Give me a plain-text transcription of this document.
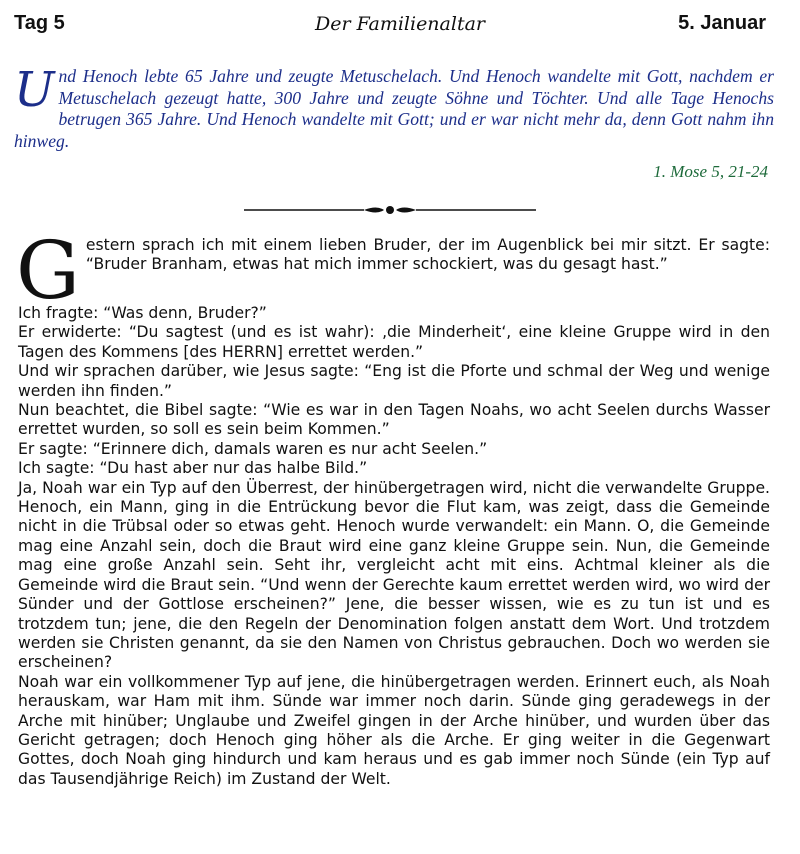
Tag 5	Der Familienaltar	5. Januar
Und Henoch lebte 65 Jahre und zeugte Metuschelach. Und Henoch wandelte mit Gott, nachdem er Metuschelach gezeugt hatte, 300 Jahre und zeugte Söhne und Töchter. Und alle Tage Henochs betrugen 365 Jahre. Und Henoch wandelte mit Gott; und er war nicht mehr da, denn Gott nahm ihn hinweg.
1. Mose 5, 21-24

Gestern sprach ich mit einem lieben Bruder, der im Augenblick bei mir sitzt. Er sagte: “Bruder Branham, etwas hat mich immer schockiert, was du gesagt hast.”

Ich fragte: “Was denn, Bruder?”

Er erwiderte: “Du sagtest (und es ist wahr): ‚die Minderheit‘, eine kleine Gruppe wird in den Tagen des Kommens [des HERRN] errettet werden.”

Und wir sprachen darüber, wie Jesus sagte: “Eng ist die Pforte und schmal der Weg und wenige werden ihn finden.”

Nun beachtet, die Bibel sagte: “Wie es war in den Tagen Noahs, wo acht Seelen durchs Wasser errettet wurden, so soll es sein beim Kommen.”

Er sagte: “Erinnere dich, damals waren es nur acht Seelen.”

Ich sagte: “Du hast aber nur das halbe Bild.”

Ja, Noah war ein Typ auf den Überrest, der hinübergetragen wird, nicht die verwandelte Gruppe. Henoch, ein Mann, ging in die Entrückung bevor die Flut kam, was zeigt, dass die Gemeinde nicht in die Trübsal oder so etwas geht. Henoch wurde verwandelt: ein Mann. O, die Gemeinde mag eine Anzahl sein, doch die Braut wird eine ganz kleine Gruppe sein. Nun, die Gemeinde mag eine große Anzahl sein. Seht ihr, vergleicht acht mit eins. Achtmal kleiner als die Gemeinde wird die Braut sein. “Und wenn der Gerechte kaum errettet werden wird, wo wird der Sünder und der Gottlose erscheinen?” Jene, die besser wissen, wie es zu tun ist und es trotzdem tun; jene, die den Regeln der Denomination folgen anstatt dem Wort. Und trotzdem werden sie Christen genannt, da sie den Namen von Christus gebrauchen. Doch wo werden sie erscheinen?

Noah war ein vollkommener Typ auf jene, die hinübergetragen werden. Erinnert euch, als Noah herauskam, war Ham mit ihm. Sünde war immer noch darin. Sünde ging geradewegs in der Arche mit hinüber; Unglaube und Zweifel gingen in der Arche hinüber, und wurden über das Gericht getragen; doch Henoch ging höher als die Arche. Er ging weiter in die Gegenwart Gottes, doch Noah ging hindurch und kam heraus und es gab immer noch Sünde (ein Typ auf das Tausendjährige Reich) im Zustand der Welt.
